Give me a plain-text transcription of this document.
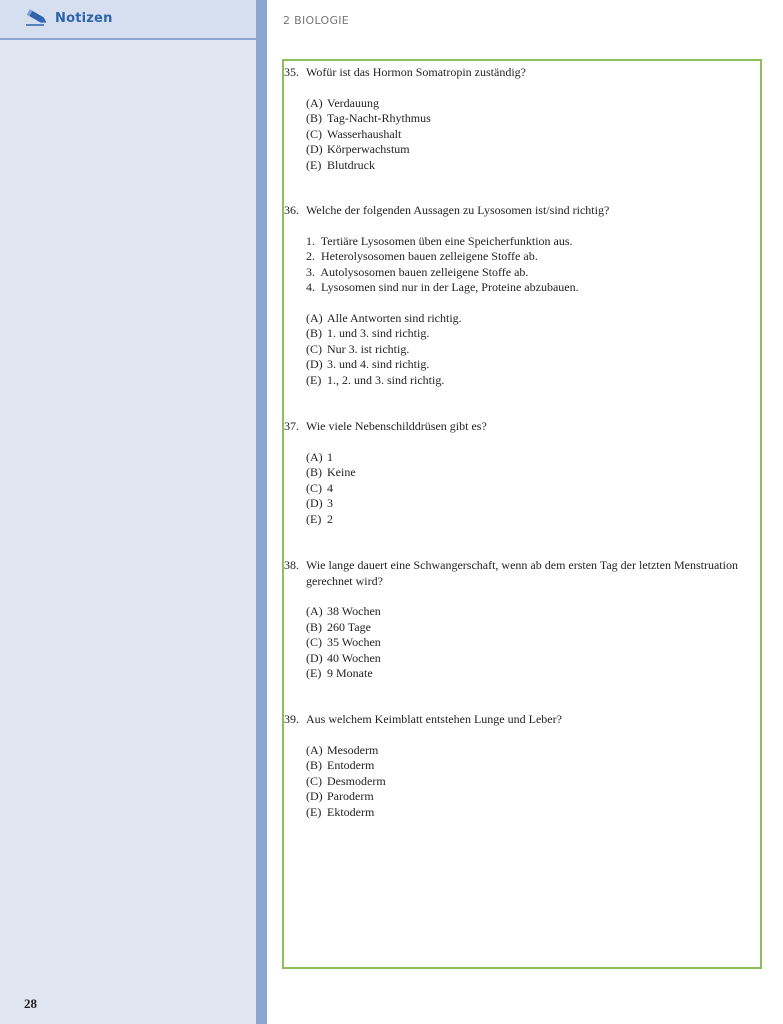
Notizen
28
2 BIOLOGIE
35. Wofür ist das Hormon Somatropin zuständig?
(A) Verdauung
(B) Tag-Nacht-Rhythmus
(C) Wasserhaushalt
(D) Körperwachstum
(E) Blutdruck
36. Welche der folgenden Aussagen zu Lysosomen ist/sind richtig?
1. Tertiäre Lysosomen üben eine Speicherfunktion aus.
2. Heterolysosomen bauen zelleigene Stoffe ab.
3. Autolysosomen bauen zelleigene Stoffe ab.
4. Lysosomen sind nur in der Lage, Proteine abzubauen.
(A) Alle Antworten sind richtig.
(B) 1. und 3. sind richtig.
(C) Nur 3. ist richtig.
(D) 3. und 4. sind richtig.
(E) 1., 2. und 3. sind richtig.
37. Wie viele Nebenschilddrüsen gibt es?
(A) 1
(B) Keine
(C) 4
(D) 3
(E) 2
38. Wie lange dauert eine Schwangerschaft, wenn ab dem ersten Tag der letzten Menstruation gerechnet wird?
(A) 38 Wochen
(B) 260 Tage
(C) 35 Wochen
(D) 40 Wochen
(E) 9 Monate
39. Aus welchem Keimblatt entstehen Lunge und Leber?
(A) Mesoderm
(B) Entoderm
(C) Desmoderm
(D) Paroderm
(E) Ektoderm
